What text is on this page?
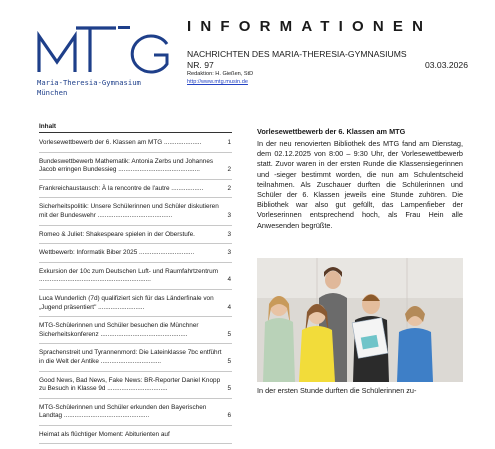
Maria-Theresia-Gymnasium
München
INFORMATIONEN
NACHRICHTEN DES MARIA-THERESIA-GYMNASIUMS
NR. 97	03.03.2026
Redaktion: H. Gießen, StD
http://www.mtg.musin.de
Inhalt
Vorlesewettbewerb der 6. Klassen am MTG .....................	1
Bundeswettbewerb Mathematik: Antonia Zerbs und Johannes Jacob erringen Bundessieg ..............................................	2
Frankreichaustausch: À la rencontre de l'autre ..................	2
Sicherheitspolitik: Unsere Schülerinnen und Schüler diskutieren mit der Bundeswehr ..........................................	3
Romeo & Juliet: Shakespeare spielen in der Oberstufe.	3
Wettbewerb: Informatik Biber 2025 ...............................	3
Exkursion der 10c zum Deutschen Luft- und Raumfahrtzentrum ...............................................................	4
Luca Wunderlich (7d) qualifiziert sich für das Länderfinale von „Jugend präsentiert" ..........................	4
MTG-Schülerinnen und Schüler besuchen die Münchner Sicherheitskonferenz .................................................	5
Sprachenstreit und Tyrannenmord: Die Lateinklasse 7bc entführt in die Welt der Antike ..................................	5
Good News, Bad News, Fake News: BR-Reporter Daniel Knopp zu Besuch in Klasse 9d ..................................	5
MTG-Schülerinnen und Schüler erkunden den Bayerischen Landtag ................................................	6
Heimat als flüchtiger Moment: Abiturienten auf
Vorlesewettbewerb der 6. Klassen am MTG
In der neu renovierten Bibliothek des MTG fand am Dienstag, dem 02.12.2025 von 8:00 – 9:30 Uhr, der Vorlesewettbewerb statt. Zuvor waren in der ersten Runde die Klassensiegerinnen und -sieger bestimmt worden, die nun am Schulentscheid teilnahmen. Als Zuschauer durften die Schülerinnen und Schüler der 6. Klassen jeweils eine Stunde zuhören. Die Bibliothek war also gut gefüllt, das Lampenfieber der Vorleserinnen entsprechend hoch, als Frau Hein alle Anwesenden begrüßte.
In der ersten Stunde durften die Schülerinnen zu-
